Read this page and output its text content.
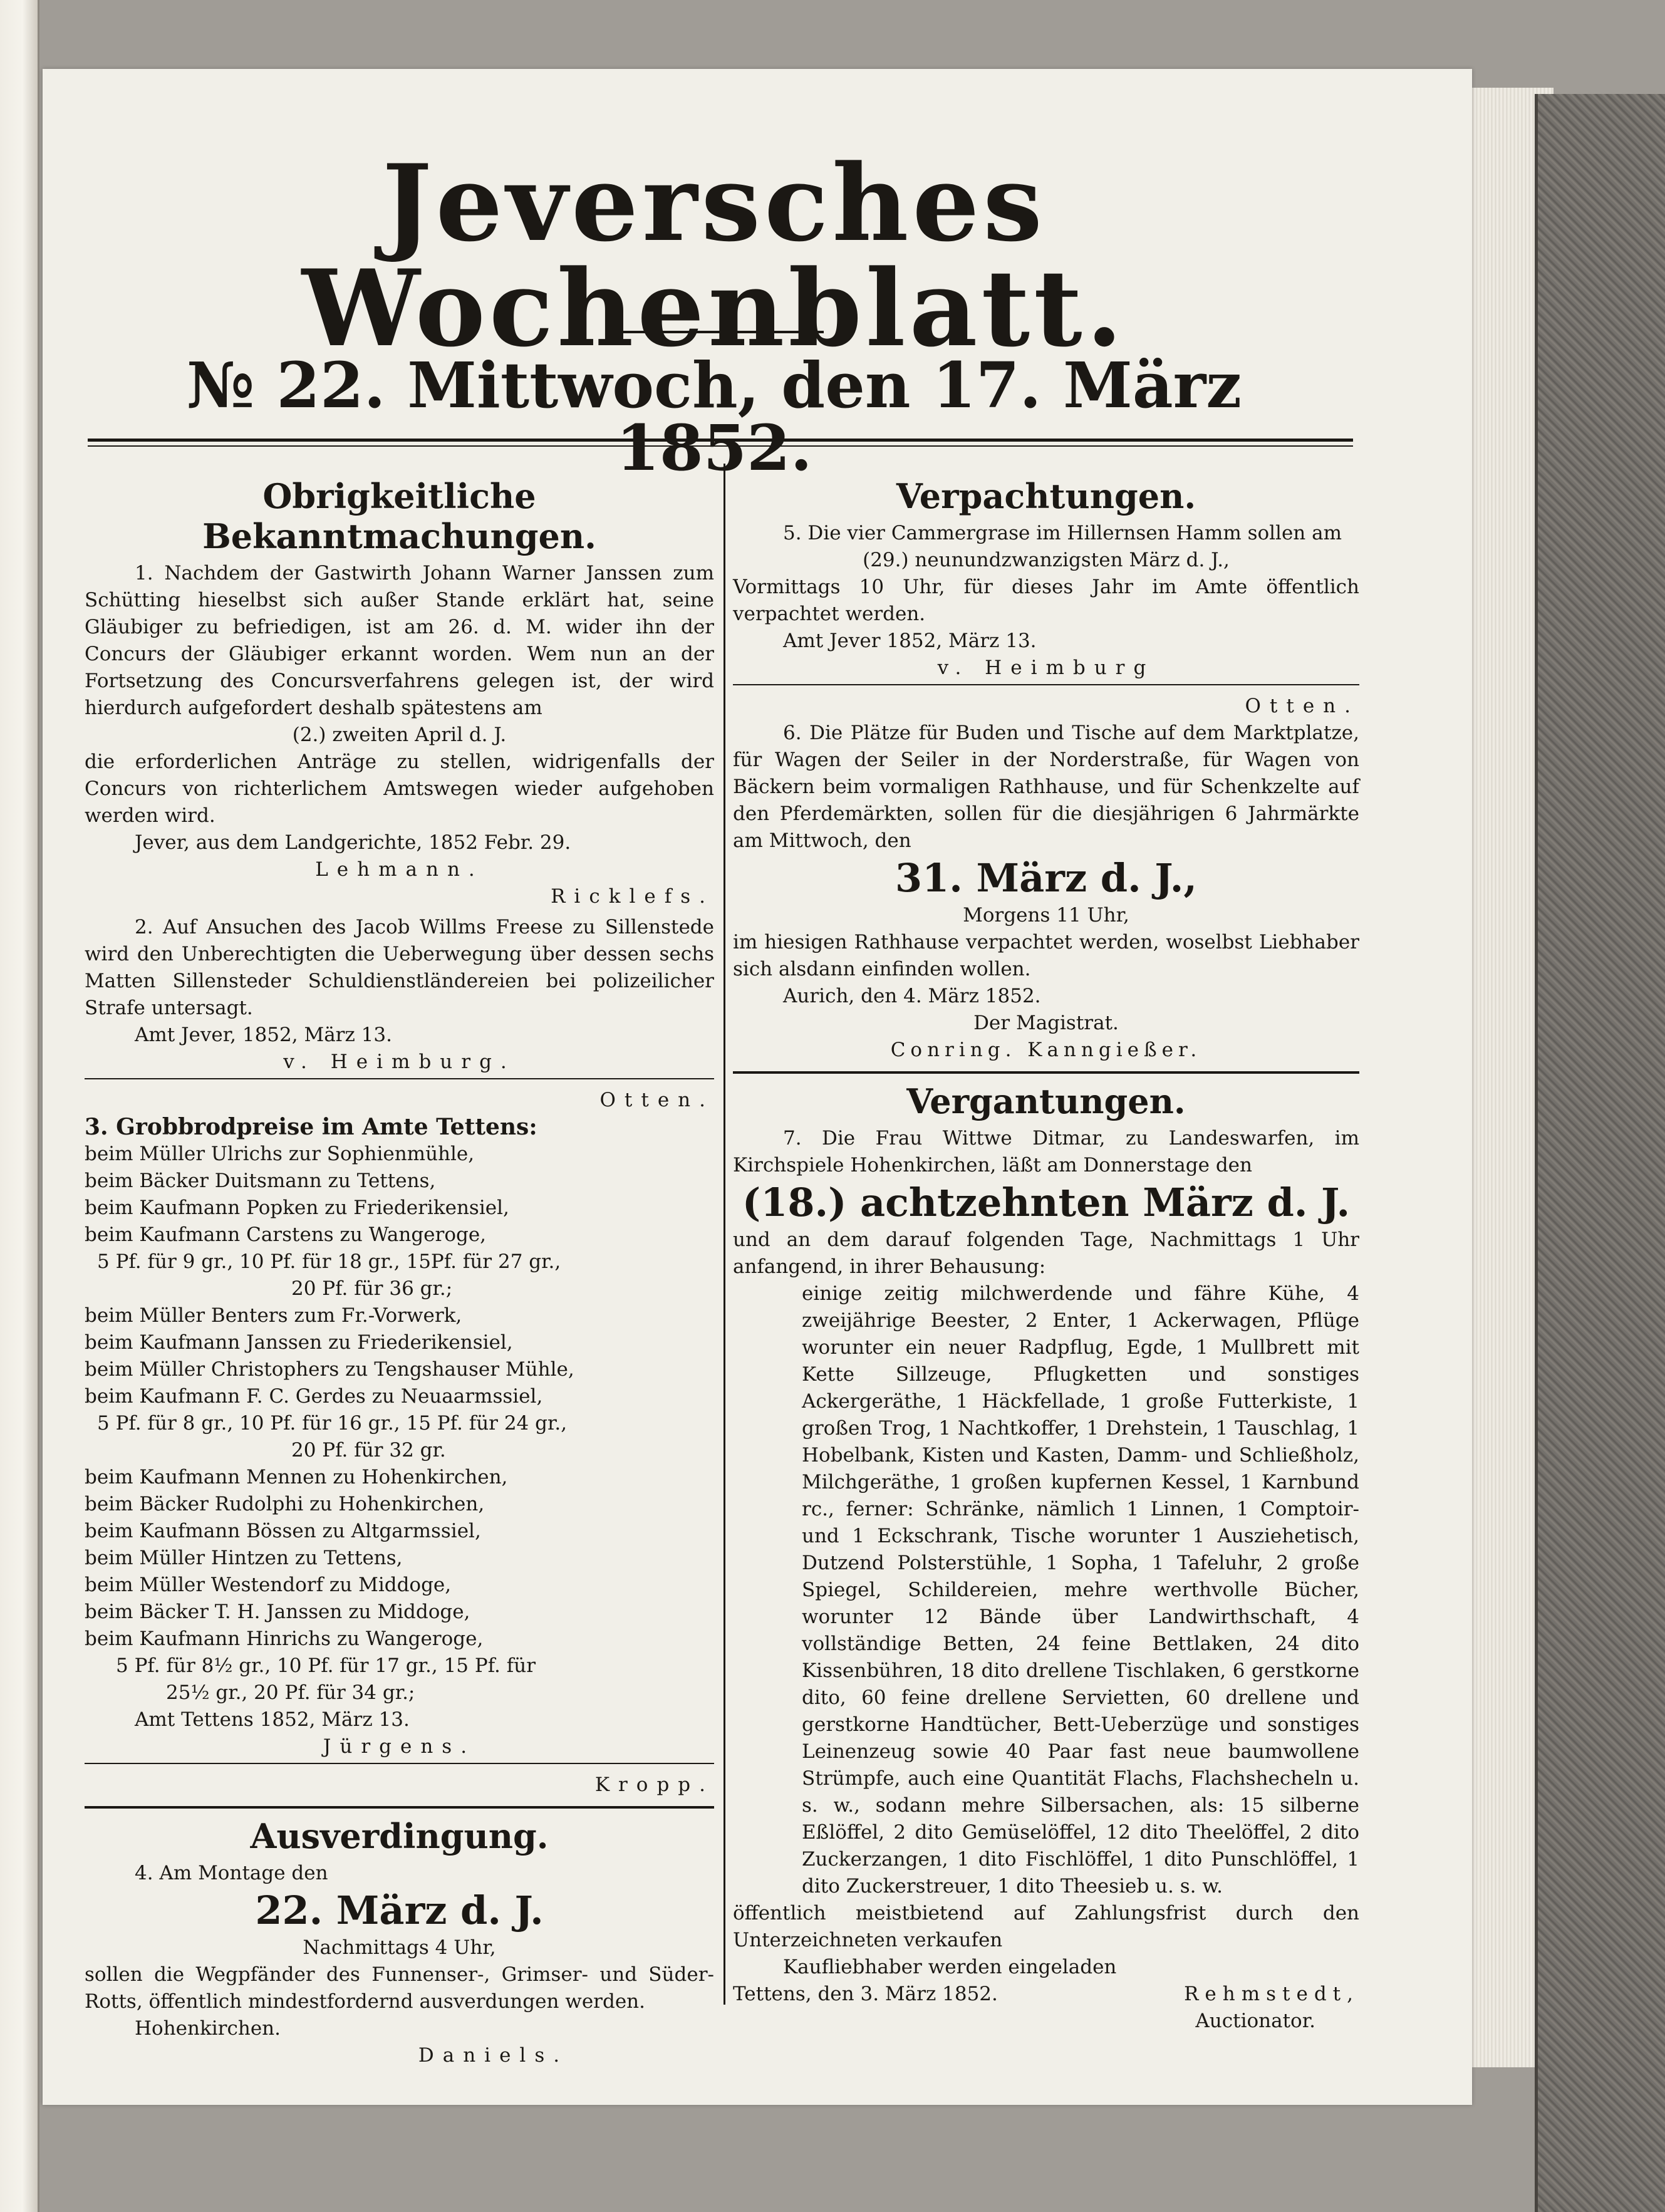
Jeversches Wochenblatt.
№ 22. Mittwoch, den 17. März 1852.
Obrigkeitliche Bekanntmachungen.

1. Nachdem der Gastwirth Johann Warner Janssen zum Schütting hieselbst sich außer Stande erklärt hat, seine Gläubiger zu befriedigen, ist am 26. d. M. wider ihn der Concurs der Gläubiger erkannt worden. Wem nun an der Fortsetzung des Concursverfahrens gelegen ist, der wird hierdurch aufgefordert deshalb spätestens am

(2.) zweiten April d. J.

die erforderlichen Anträge zu stellen, widrigenfalls der Concurs von richterlichem Amtswegen wieder aufgehoben werden wird.

Jever, aus dem Landgerichte, 1852 Febr. 29.

Lehmann.

Ricklefs.

2. Auf Ansuchen des Jacob Willms Freese zu Sillenstede wird den Unberechtigten die Ueberwegung über dessen sechs Matten Sillensteder Schuldienstländereien bei polizeilicher Strafe untersagt.

Amt Jever, 1852, März 13.

v. Heimburg.

Otten.

3. Grobbrodpreise im Amte Tettens:

beim Müller Ulrichs zur Sophienmühle,

beim Bäcker Duitsmann zu Tettens,

beim Kaufmann Popken zu Friederikensiel,

beim Kaufmann Carstens zu Wangeroge,

5 Pf. für 9 gr., 10 Pf. für 18 gr., 15Pf. für 27 gr.,

20 Pf. für 36 gr.;

beim Müller Benters zum Fr.-Vorwerk,

beim Kaufmann Janssen zu Friederikensiel,

beim Müller Christophers zu Tengshauser Mühle,

beim Kaufmann F. C. Gerdes zu Neuaarmssiel,

5 Pf. für 8 gr., 10 Pf. für 16 gr., 15 Pf. für 24 gr.,

20 Pf. für 32 gr.

beim Kaufmann Mennen zu Hohenkirchen,

beim Bäcker Rudolphi zu Hohenkirchen,

beim Kaufmann Bössen zu Altgarmssiel,

beim Müller Hintzen zu Tettens,

beim Müller Westendorf zu Middoge,

beim Bäcker T. H. Janssen zu Middoge,

beim Kaufmann Hinrichs zu Wangeroge,

5 Pf. für 8½ gr., 10 Pf. für 17 gr., 15 Pf. für

25½ gr., 20 Pf. für 34 gr.;

Amt Tettens 1852, März 13.

Jürgens.

Kropp.

Ausverdingung.

4. Am Montage den

22. März d. J.

Nachmittags 4 Uhr,

sollen die Wegpfänder des Funnenser-, Grimser- und Süder-Rotts, öffentlich mindestfordernd ausverdungen werden.

Hohenkirchen.

Daniels.

Verpachtungen.

5. Die vier Cammergrase im Hillernsen Hamm sollen am

(29.) neunundzwanzigsten März d. J.,

Vormittags 10 Uhr, für dieses Jahr im Amte öffentlich verpachtet werden.

Amt Jever 1852, März 13.

v. Heimburg

Otten.

6. Die Plätze für Buden und Tische auf dem Marktplatze, für Wagen der Seiler in der Norderstraße, für Wagen von Bäckern beim vormaligen Rathhause, und für Schenkzelte auf den Pferdemärkten, sollen für die diesjährigen 6 Jahrmärkte am Mittwoch, den

31. März d. J.,

Morgens 11 Uhr,

im hiesigen Rathhause verpachtet werden, woselbst Liebhaber sich alsdann einfinden wollen.

Aurich, den 4. März 1852.

Der Magistrat.

Conring. Kanngießer.

Vergantungen.

7. Die Frau Wittwe Ditmar, zu Landeswarfen, im Kirchspiele Hohenkirchen, läßt am Donnerstage den

(18.) achtzehnten März d. J.

und an dem darauf folgenden Tage, Nachmittags 1 Uhr anfangend, in ihrer Behausung:

einige zeitig milchwerdende und fähre Kühe, 4 zweijährige Beester, 2 Enter, 1 Ackerwagen, Pflüge worunter ein neuer Radpflug, Egde, 1 Mullbrett mit Kette Sillzeuge, Pflugketten und sonstiges Ackergeräthe, 1 Häckfellade, 1 große Futterkiste, 1 großen Trog, 1 Nachtkoffer, 1 Drehstein, 1 Tauschlag, 1 Hobelbank, Kisten und Kasten, Damm- und Schließholz, Milchgeräthe, 1 großen kupfernen Kessel, 1 Karnbund rc., ferner: Schränke, nämlich 1 Linnen, 1 Comptoir- und 1 Eckschrank, Tische worunter 1 Ausziehetisch, Dutzend Polsterstühle, 1 Sopha, 1 Tafeluhr, 2 große Spiegel, Schildereien, mehre werthvolle Bücher, worunter 12 Bände über Landwirthschaft, 4 vollständige Betten, 24 feine Bettlaken, 24 dito Kissenbühren, 18 dito drellene Tischlaken, 6 gerstkorne dito, 60 feine drellene Servietten, 60 drellene und gerstkorne Handtücher, Bett-Ueberzüge und sonstiges Leinenzeug sowie 40 Paar fast neue baumwollene Strümpfe, auch eine Quantität Flachs, Flachshecheln u. s. w., sodann mehre Silbersachen, als: 15 silberne Eßlöffel, 2 dito Gemüselöffel, 12 dito Theelöffel, 2 dito Zuckerzangen, 1 dito Fischlöffel, 1 dito Punschlöffel, 1 dito Zuckerstreuer, 1 dito Theesieb u. s. w.

öffentlich meistbietend auf Zahlungsfrist durch den Unterzeichneten verkaufen

Kaufliebhaber werden eingeladen

Tettens, den 3. März 1852.	Rehmstedt,

Auctionator.
